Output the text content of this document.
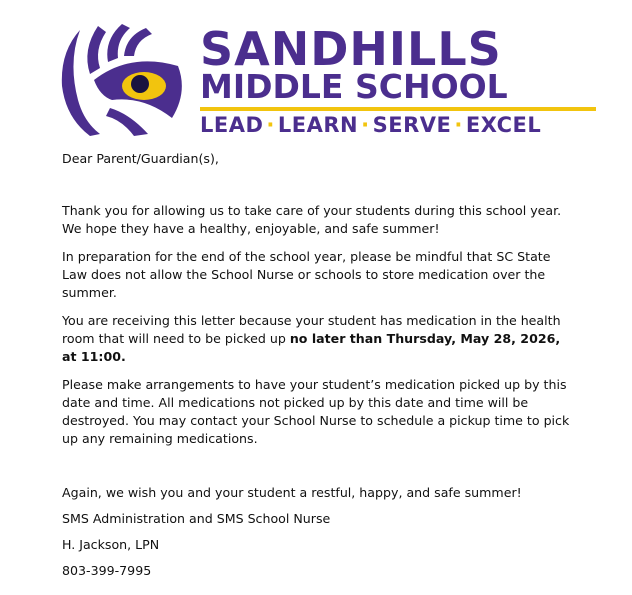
SANDHILLS
MIDDLE SCHOOL
LEAD · LEARN · SERVE · EXCEL

Dear Parent/Guardian(s),

Thank you for allowing us to take care of your students during this school year. We hope they have a healthy, enjoyable, and safe summer!

In preparation for the end of the school year, please be mindful that SC State Law does not allow the School Nurse or schools to store medication over the summer.

You are receiving this letter because your student has medication in the health room that will need to be picked up no later than Thursday, May 28, 2026, at 11:00.

Please make arrangements to have your student’s medication picked up by this date and time. All medications not picked up by this date and time will be destroyed. You may contact your School Nurse to schedule a pickup time to pick up any remaining medications.

Again, we wish you and your student a restful, happy, and safe summer!

SMS Administration and SMS School Nurse

H. Jackson, LPN

803-399-7995
